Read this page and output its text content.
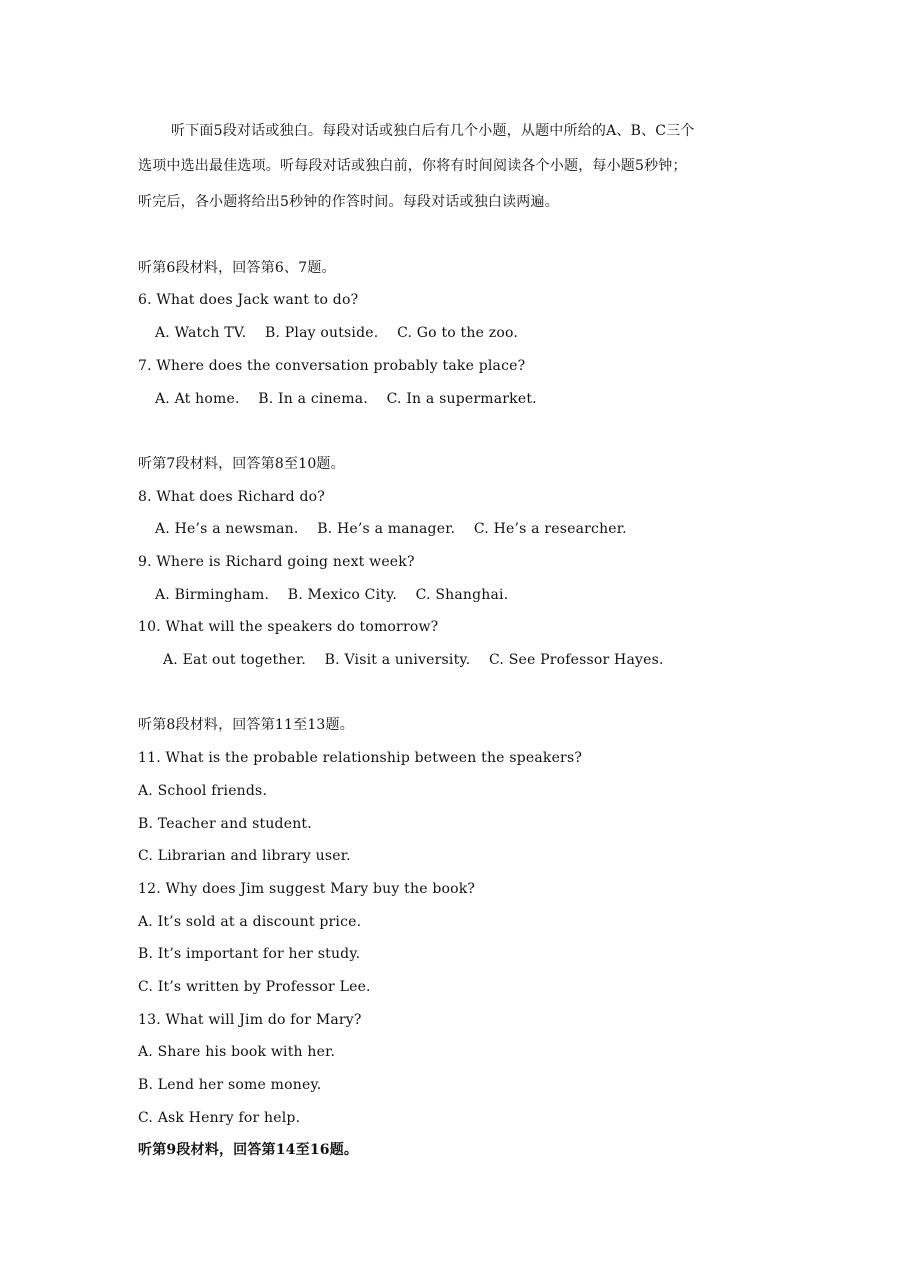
听下面5段对话或独白。每段对话或独白后有几个小题，从题中所给的A、B、C三个
选项中选出最佳选项。听每段对话或独白前，你将有时间阅读各个小题，每小题5秒钟；
听完后，各小题将给出5秒钟的作答时间。每段对话或独白读两遍。
听第6段材料，回答第6、7题。
6. What does Jack want to do?
A. Watch TV. B. Play outside. C. Go to the zoo.
7. Where does the conversation probably take place?
A. At home. B. In a cinema. C. In a supermarket.
听第7段材料，回答第8至10题。
8. What does Richard do?
A. He’s a newsman. B. He’s a manager. C. He’s a researcher.
9. Where is Richard going next week?
A. Birmingham. B. Mexico City. C. Shanghai.
10. What will the speakers do tomorrow?
A. Eat out together. B. Visit a university. C. See Professor Hayes.
听第8段材料，回答第11至13题。
11. What is the probable relationship between the speakers?
A. School friends.
B. Teacher and student.
C. Librarian and library user.
12. Why does Jim suggest Mary buy the book?
A. It’s sold at a discount price.
B. It’s important for her study.
C. It’s written by Professor Lee.
13. What will Jim do for Mary?
A. Share his book with her.
B. Lend her some money.
C. Ask Henry for help.
听第9段材料，回答第14至16题。
